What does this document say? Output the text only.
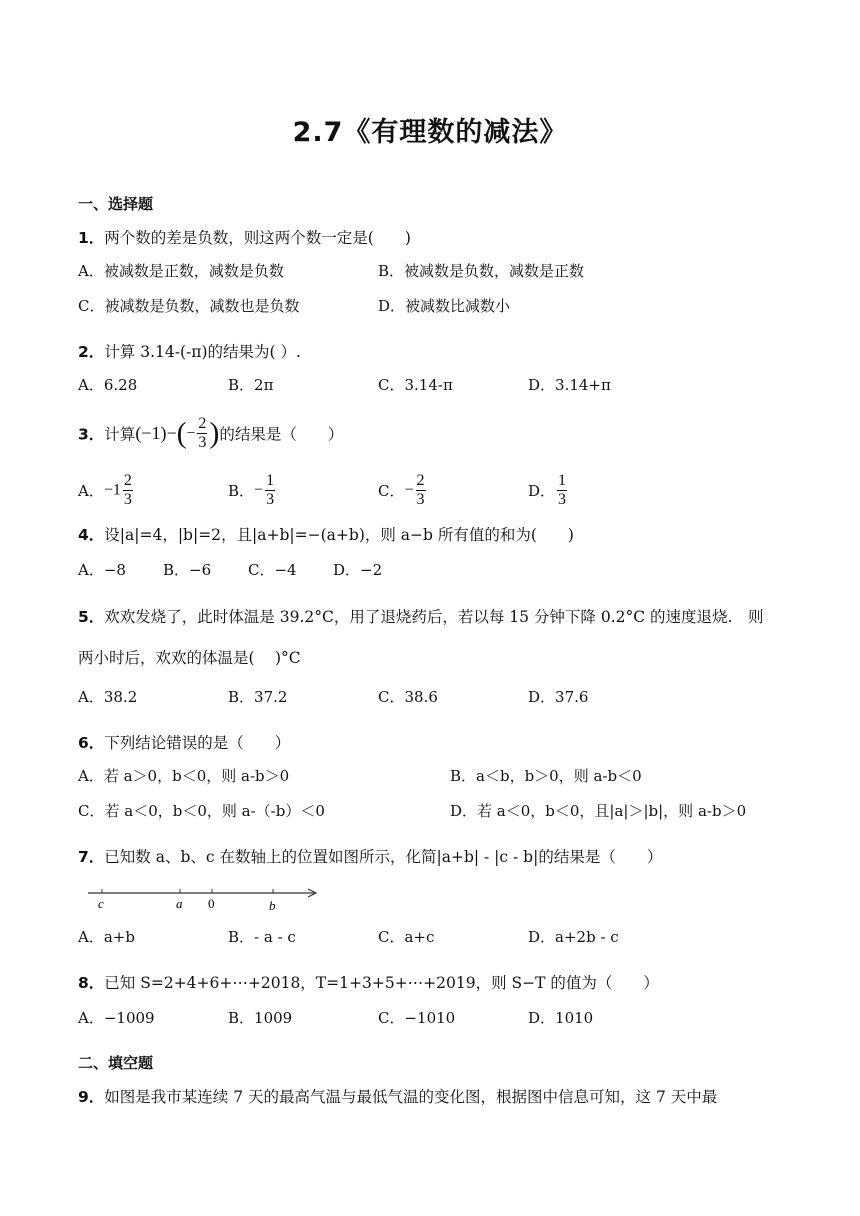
2.7《有理数的减法》
一、选择题
1．两个数的差是负数，则这两个数一定是(　　)
A．被减数是正数，减数是负数	B．被减数是负数，减数是正数
C．被减数是负数，减数也是负数	D．被减数比减数小
2．计算 3.14-(-π)的结果为( ）.
A．6.28	B．2π	C．3.14-π	D．3.14+π
3．计算$(-1)-(- \frac{2}{3}$ )的结果是（　　）
A．$-1 \frac{2}{3}$	B．− $\frac{1}{3}$	C．− $\frac{2}{3}$	D． $\frac{1}{3}$
4．设|a|=4，|b|=2，且|a+b|=−(a+b)，则 a−b 所有值的和为(　　)
A．−8 B．−6 C．−4 D．−2
5．欢欢发烧了，此时体温是 39.2°C，用了退烧药后，若以每 15 分钟下降 0.2°C 的速度退烧.　则
两小时后，欢欢的体温是(　 )°C
A．38.2	B．37.2	C．38.6	D．37.6
6．下列结论错误的是（　　）
A．若 a＞0，b＜0，则 a-b＞0	B．a＜b，b＞0，则 a-b＜0
C．若 a＜0，b＜0，则 a-（-b）＜0	D．若 a＜0，b＜0，且|a|＞|b|，则 a-b＞0
7．已知数 a、b、c 在数轴上的位置如图所示，化简|a+b| - |c - b|的结果是（　　）
c	a 0	b
A．a+b	B．- a - c	C．a+c	D．a+2b - c
8．已知 S=2+4+6+⋯+2018，T=1+3+5+⋯+2019，则 S−T 的值为（　　）
A．−1009	B．1009	C．−1010	D．1010
二、填空题
9．如图是我市某连续 7 天的最高气温与最低气温的变化图，根据图中信息可知，这 7 天中最
